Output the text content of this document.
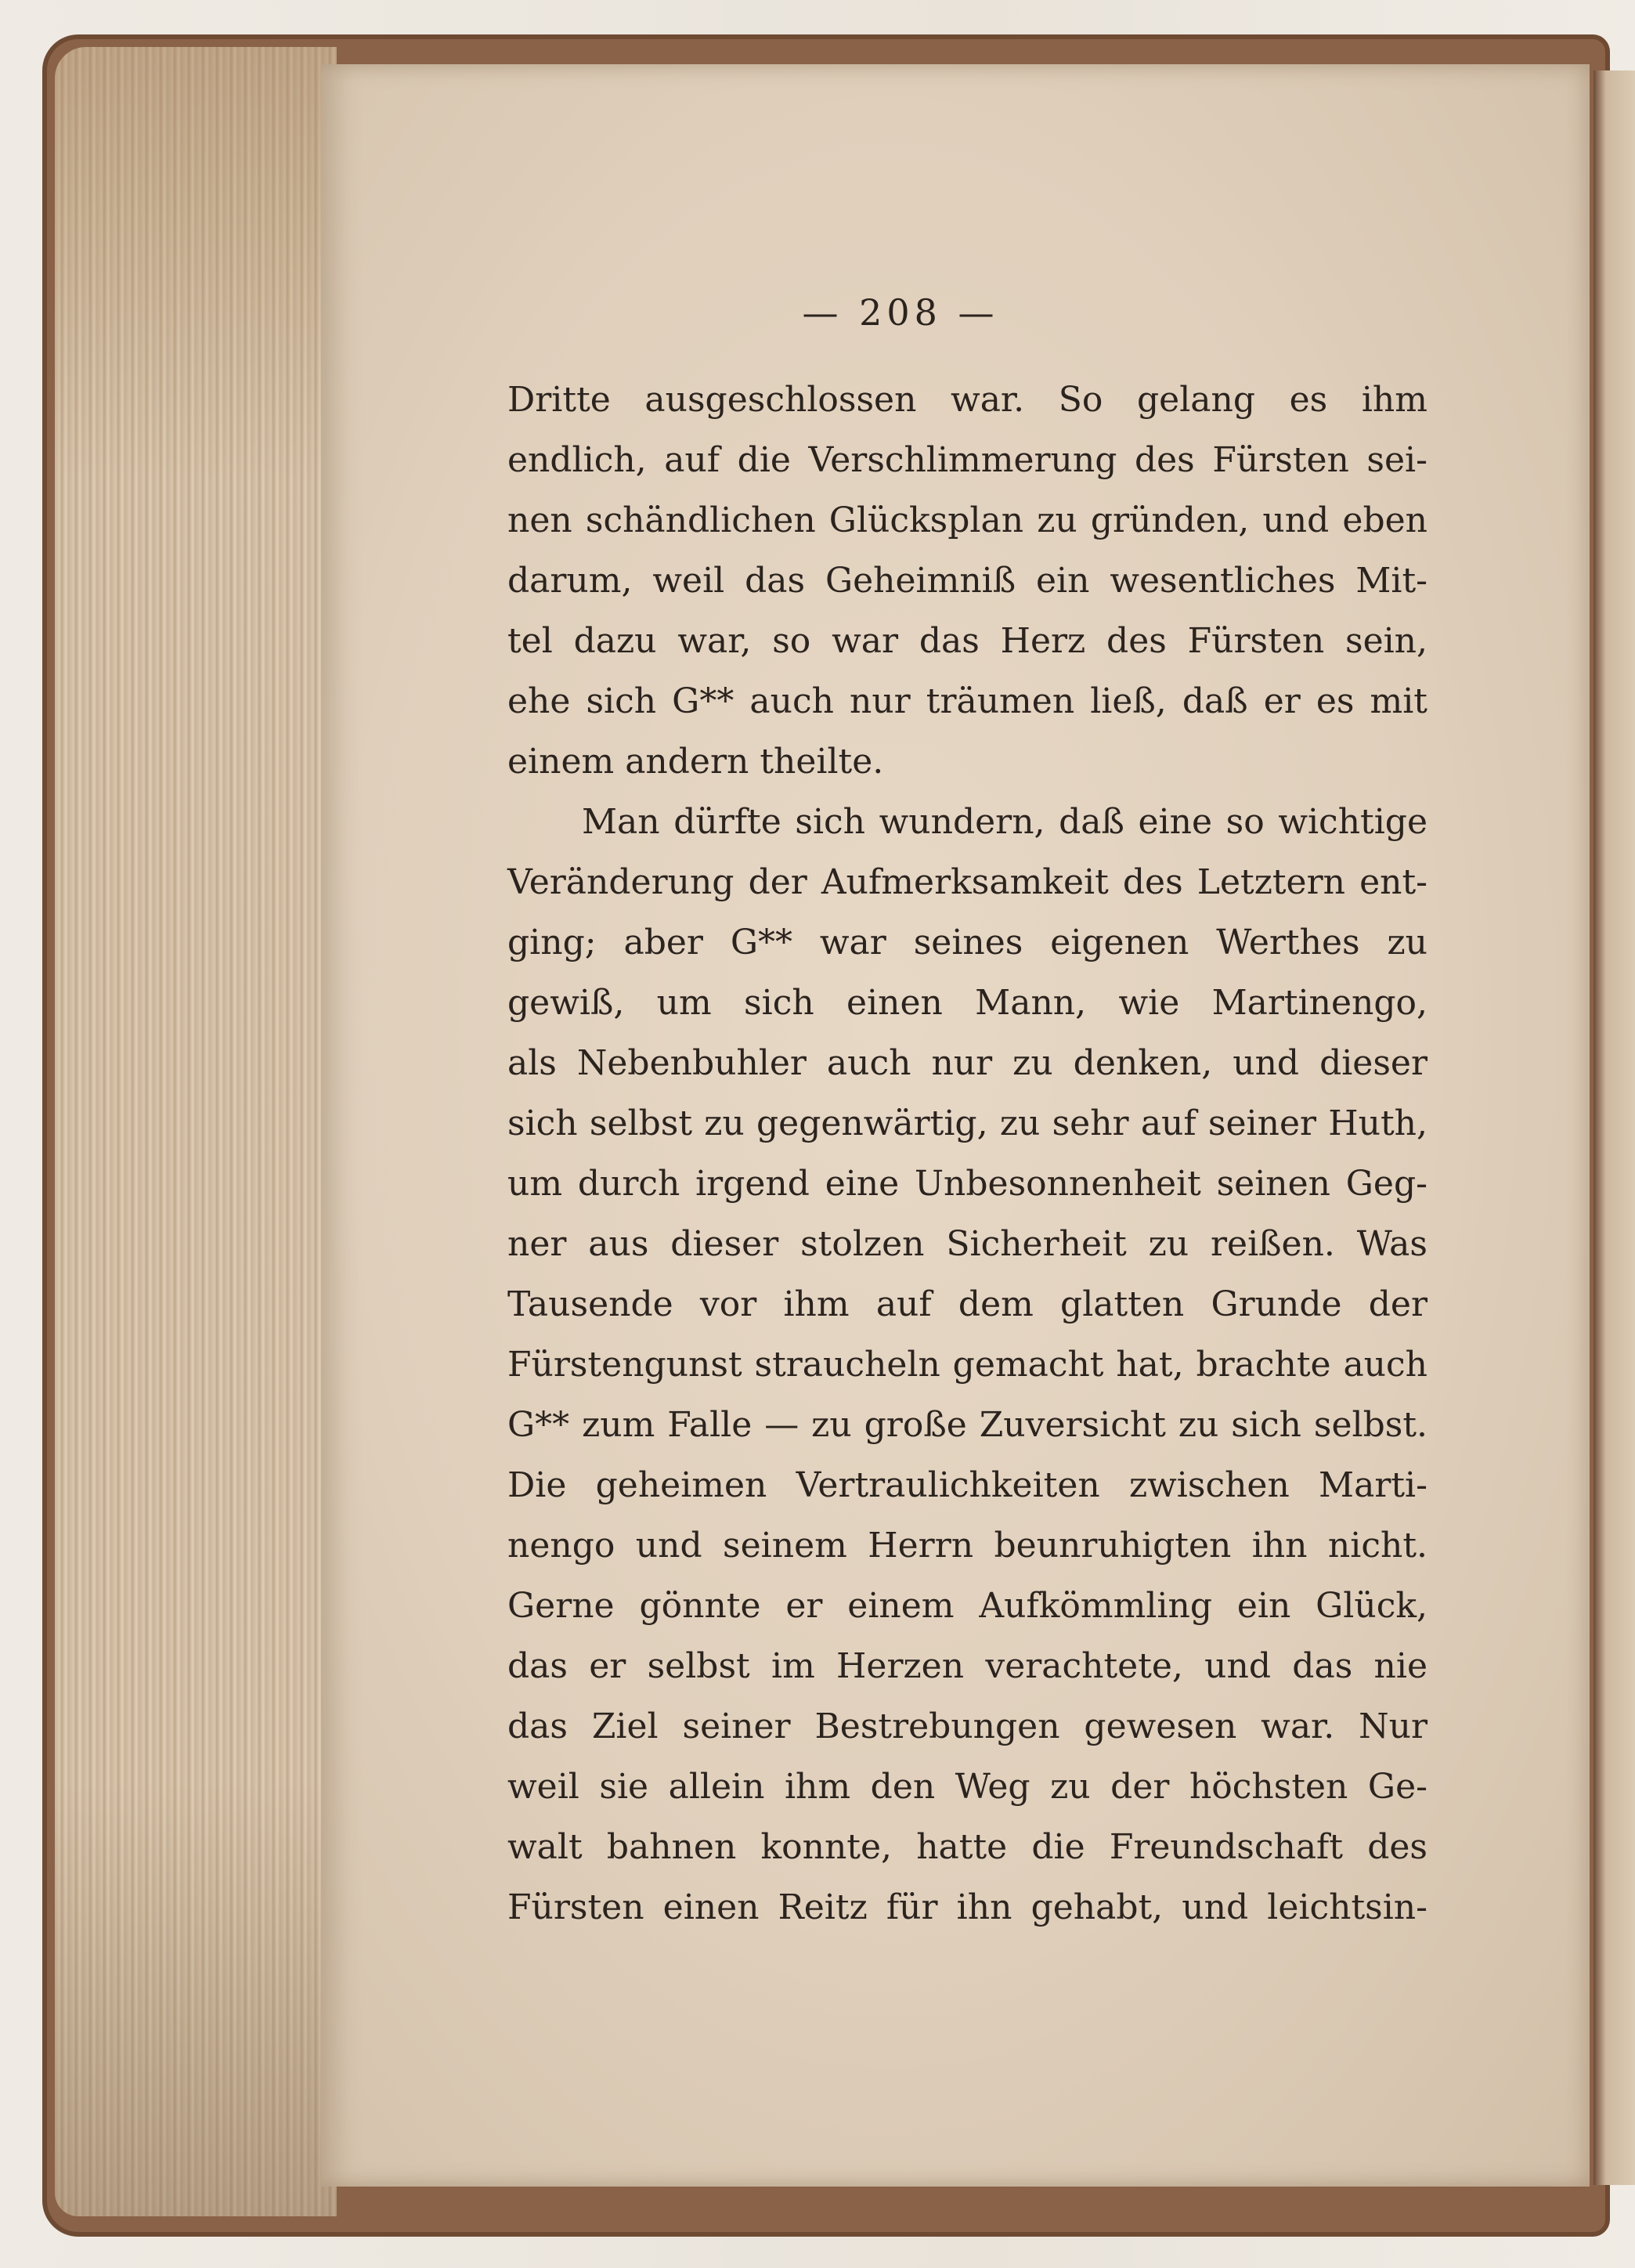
— 208 —
Dritte ausgeschlossen war. So gelang es ihm
endlich, auf die Verschlimmerung des Fürsten sei-
nen schändlichen Glücksplan zu gründen, und eben
darum, weil das Geheimniß ein wesentliches Mit-
tel dazu war, so war das Herz des Fürsten sein,
ehe sich G** auch nur träumen ließ, daß er es mit
einem andern theilte.
Man dürfte sich wundern, daß eine so wichtige
Veränderung der Aufmerksamkeit des Letztern ent-
ging; aber G** war seines eigenen Werthes zu
gewiß, um sich einen Mann, wie Martinengo,
als Nebenbuhler auch nur zu denken, und dieser
sich selbst zu gegenwärtig, zu sehr auf seiner Huth,
um durch irgend eine Unbesonnenheit seinen Geg-
ner aus dieser stolzen Sicherheit zu reißen. Was
Tausende vor ihm auf dem glatten Grunde der
Fürstengunst straucheln gemacht hat, brachte auch
G** zum Falle — zu große Zuversicht zu sich selbst.
Die geheimen Vertraulichkeiten zwischen Marti-
nengo und seinem Herrn beunruhigten ihn nicht.
Gerne gönnte er einem Aufkömmling ein Glück,
das er selbst im Herzen verachtete, und das nie
das Ziel seiner Bestrebungen gewesen war. Nur
weil sie allein ihm den Weg zu der höchsten Ge-
walt bahnen konnte, hatte die Freundschaft des
Fürsten einen Reitz für ihn gehabt, und leichtsin-
